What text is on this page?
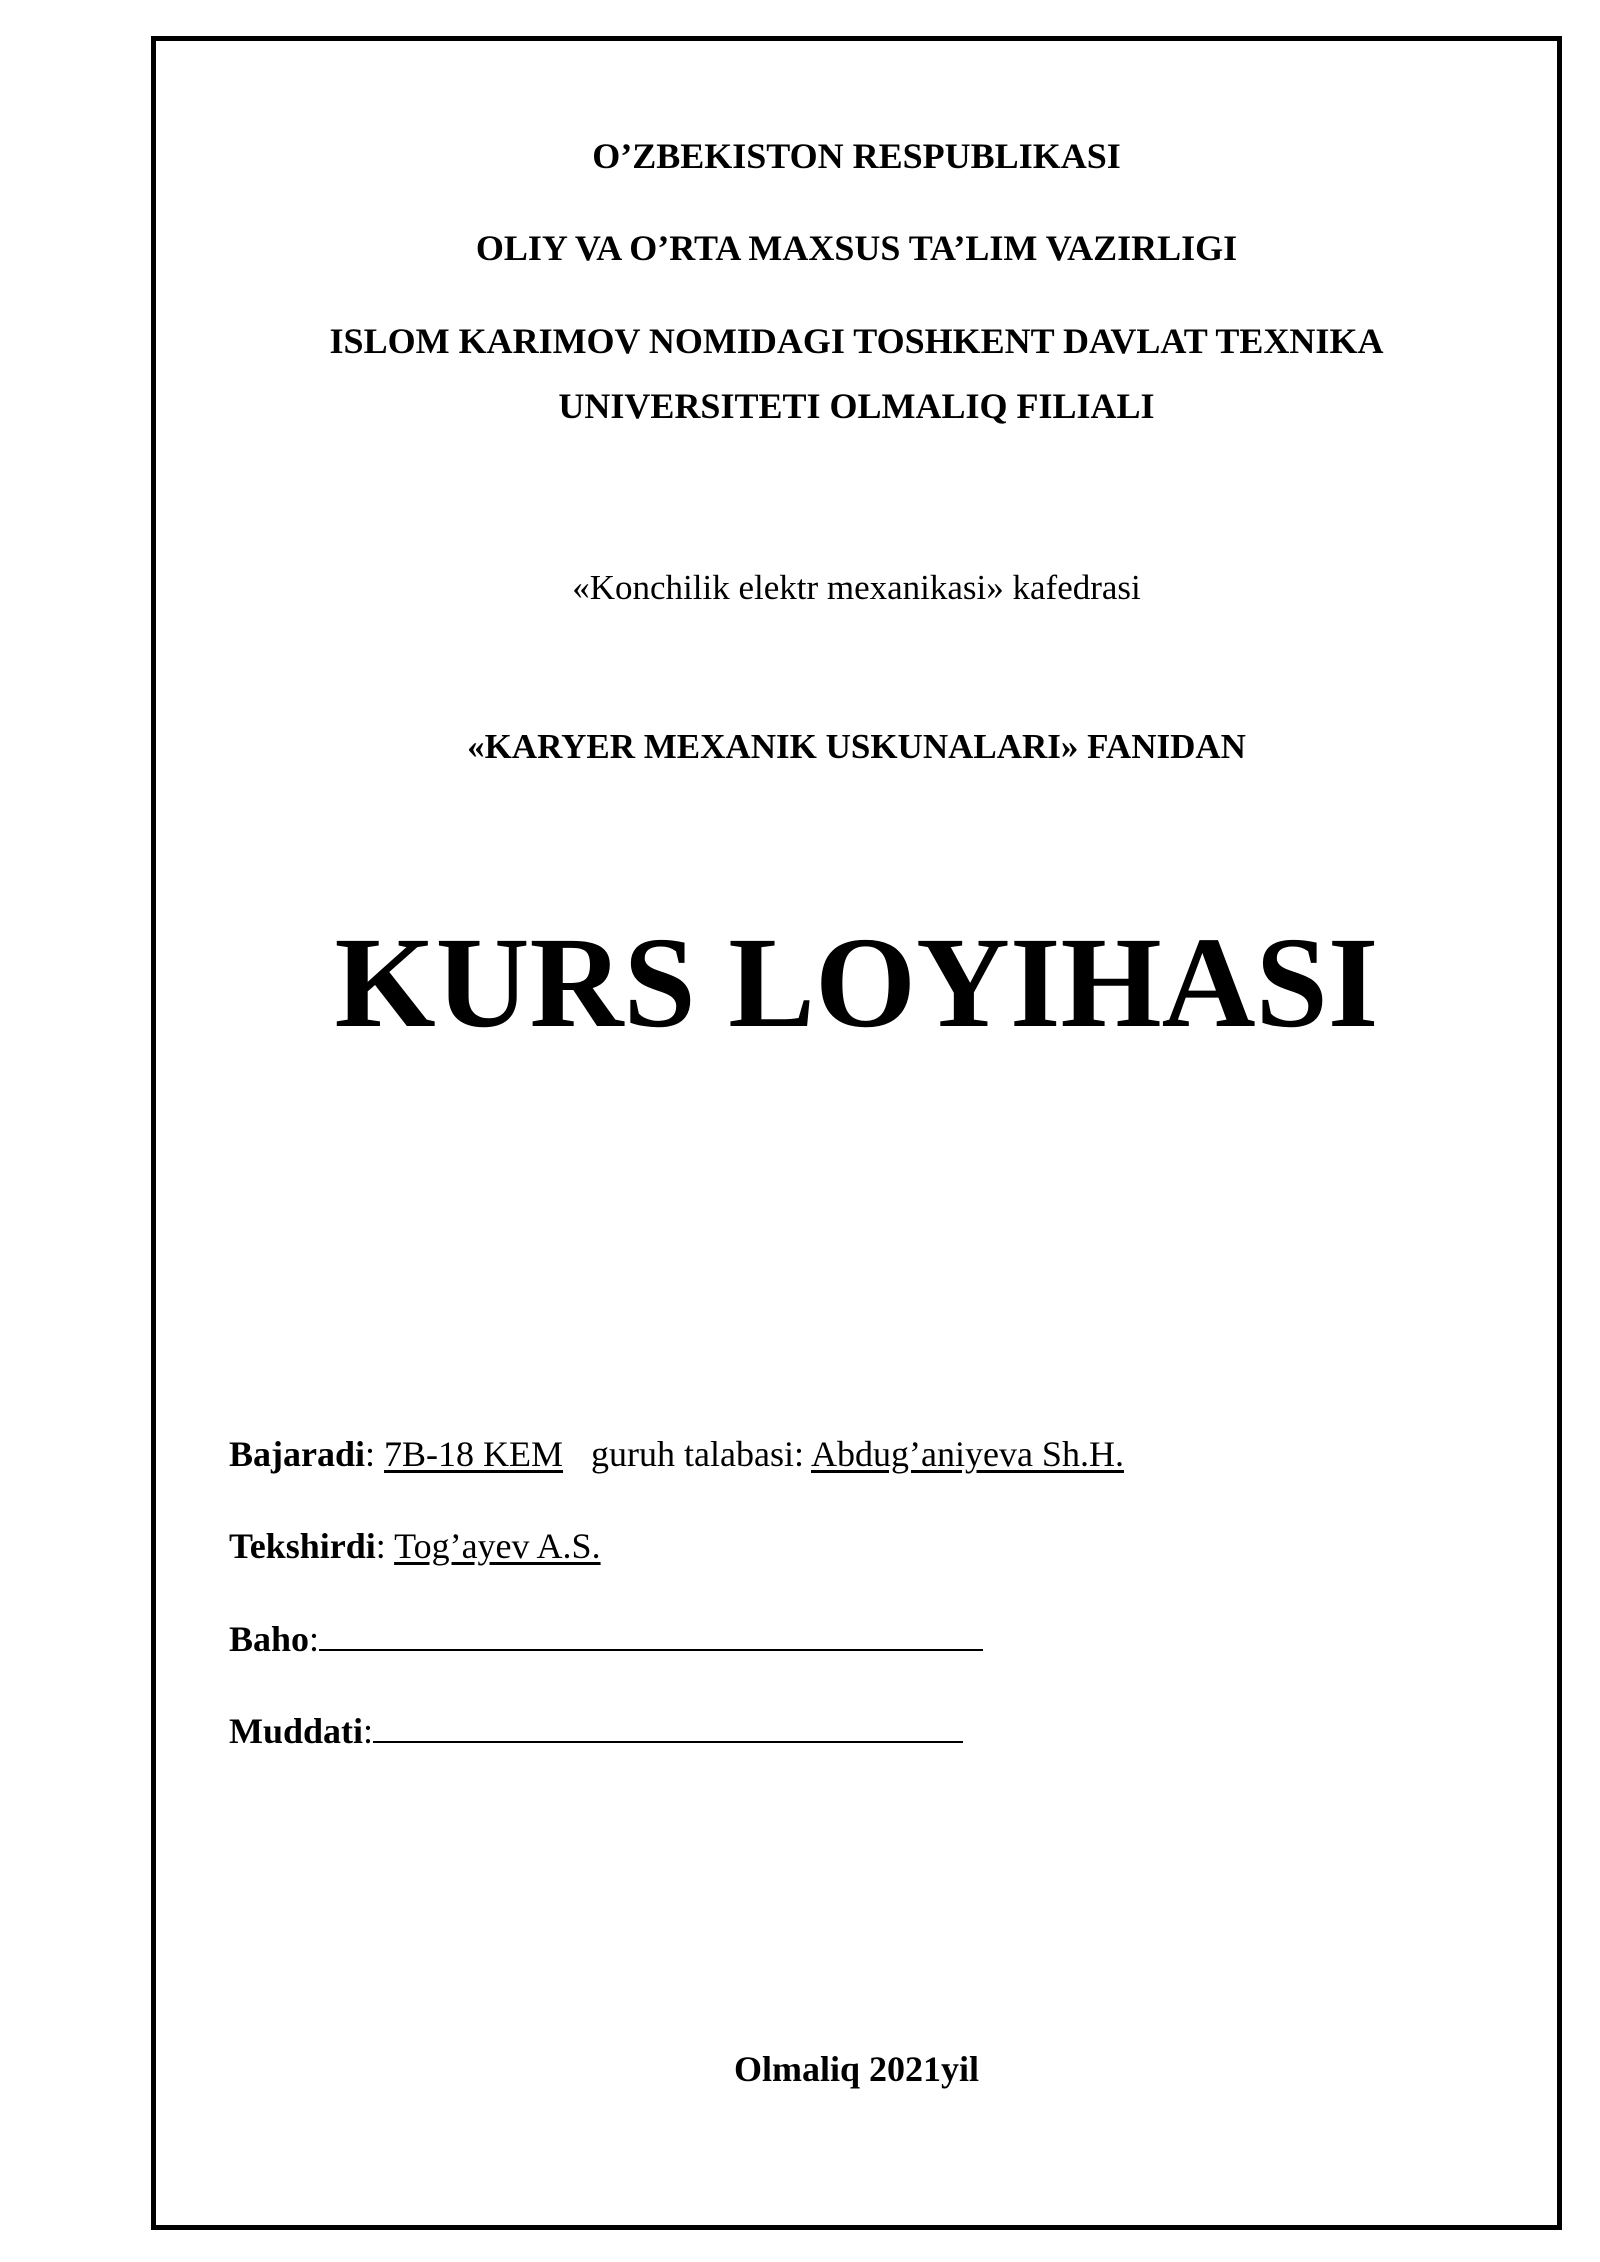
O’ZBEKISTON RESPUBLIKASI
OLIY VA O’RTA MAXSUS TA’LIM VAZIRLIGI
ISLOM KARIMOV NOMIDAGI TOSHKENT DAVLAT TEXNIKA
UNIVERSITETI OLMALIQ FILIALI
«Konchilik elektr mexanikasi» kafedrasi
«KARYER MEXANIK USKUNALARI» FANIDAN
KURS LOYIHASI
Bajaradi: 7B-18 KEM guruh talabasi: Abdug’aniyeva Sh.H.
Tekshirdi: Tog’ayev A.S.
Baho:
Muddati:
Olmaliq 2021yil
